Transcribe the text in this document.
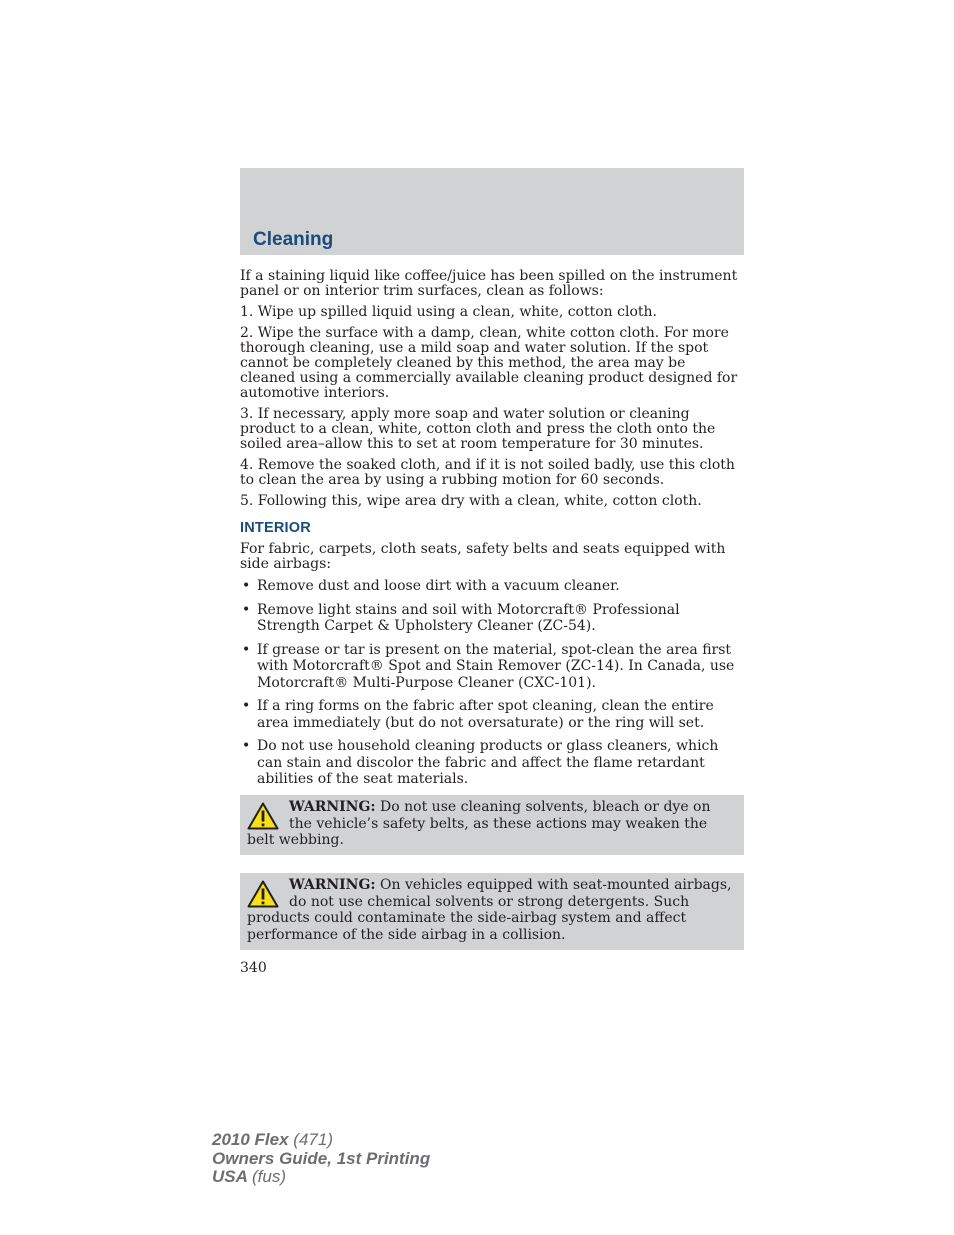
Cleaning

If a staining liquid like coffee/juice has been spilled on the instrument panel or on interior trim surfaces, clean as follows:

1. Wipe up spilled liquid using a clean, white, cotton cloth.

2. Wipe the surface with a damp, clean, white cotton cloth. For more thorough cleaning, use a mild soap and water solution. If the spot cannot be completely cleaned by this method, the area may be cleaned using a commercially available cleaning product designed for automotive interiors.

3. If necessary, apply more soap and water solution or cleaning product to a clean, white, cotton cloth and press the cloth onto the soiled area–allow this to set at room temperature for 30 minutes.

4. Remove the soaked cloth, and if it is not soiled badly, use this cloth to clean the area by using a rubbing motion for 60 seconds.

5. Following this, wipe area dry with a clean, white, cotton cloth.

INTERIOR

For fabric, carpets, cloth seats, safety belts and seats equipped with side airbags:

• Remove dust and loose dirt with a vacuum cleaner.
• Remove light stains and soil with Motorcraft® Professional Strength Carpet & Upholstery Cleaner (ZC-54).
• If grease or tar is present on the material, spot-clean the area first with Motorcraft® Spot and Stain Remover (ZC-14). In Canada, use Motorcraft® Multi-Purpose Cleaner (CXC-101).
• If a ring forms on the fabric after spot cleaning, clean the entire area immediately (but do not oversaturate) or the ring will set.
• Do not use household cleaning products or glass cleaners, which can stain and discolor the fabric and affect the flame retardant abilities of the seat materials.
WARNING: Do not use cleaning solvents, bleach or dye on the vehicle’s safety belts, as these actions may weaken the belt webbing.
WARNING: On vehicles equipped with seat-mounted airbags, do not use chemical solvents or strong detergents. Such products could contaminate the side-airbag system and affect performance of the side airbag in a collision.
340
2010 Flex (471)
Owners Guide, 1st Printing
USA (fus)
